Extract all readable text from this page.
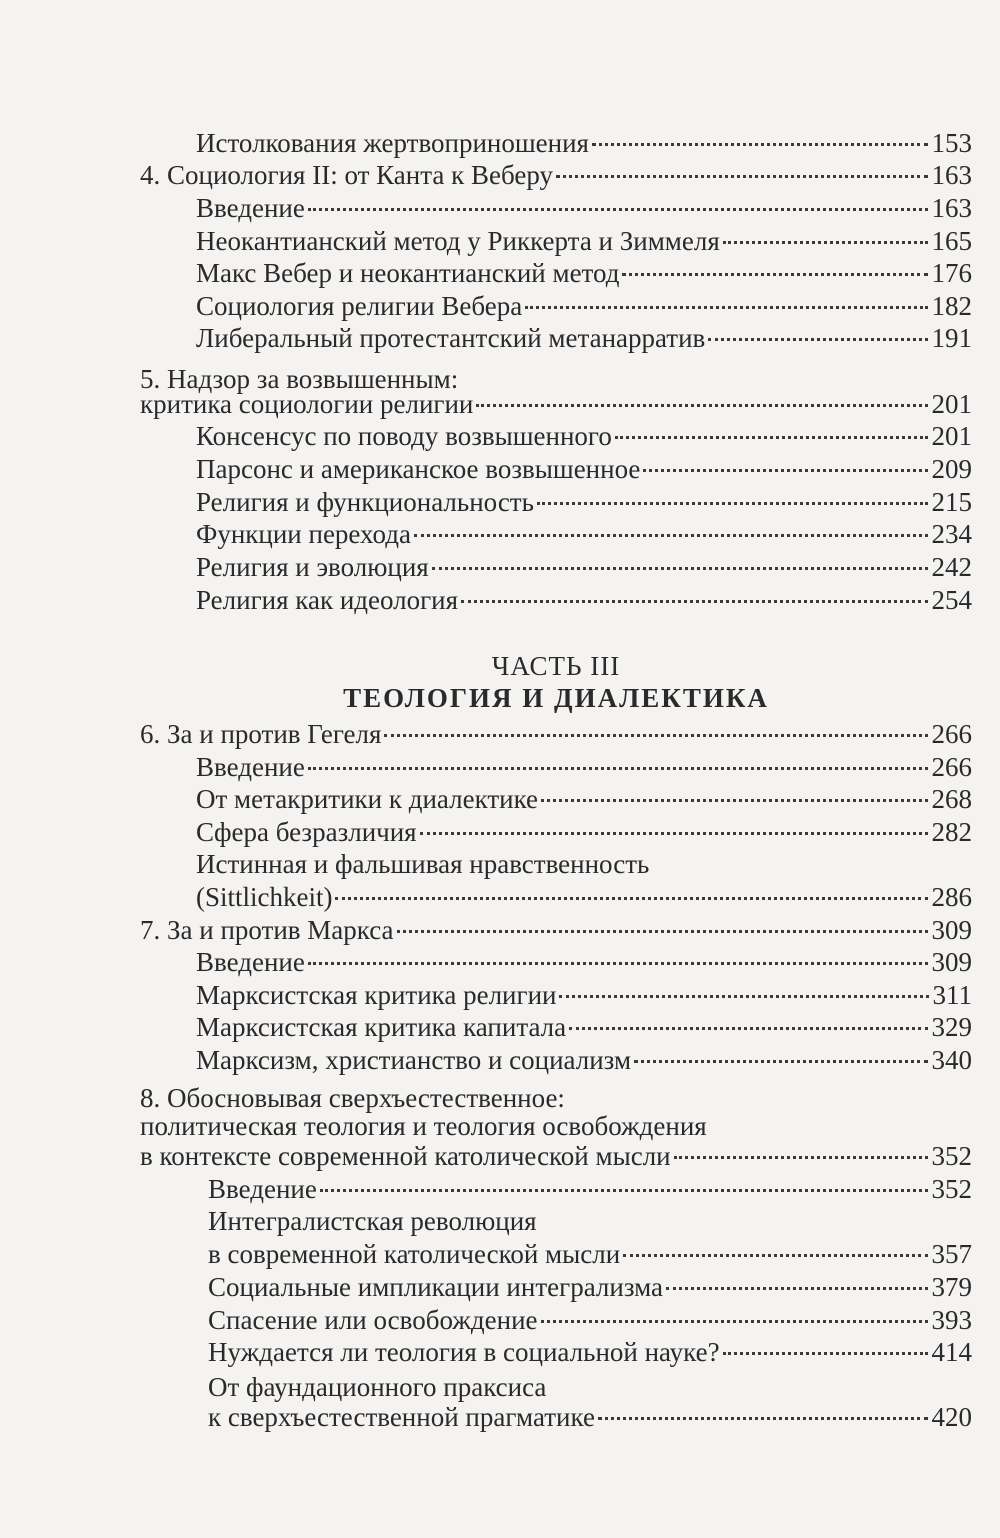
Истолкования жертвоприношения	153
4. Социология II: от Канта к Веберу	163
Введение	163
Неокантианский метод у Риккерта и Зиммеля	165
Макс Вебер и неокантианский метод	176
Социология религии Вебера	182
Либеральный протестантский метанарратив	191
5. Надзор за возвышенным:
критика социологии религии	201
Консенсус по поводу возвышенного	201
Парсонс и американское возвышенное	209
Религия и функциональность	215
Функции перехода	234
Религия и эволюция	242
Религия как идеология	254
ЧАСТЬ III
ТЕОЛОГИЯ И ДИАЛЕКТИКА
6. За и против Гегеля	266
Введение	266
От метакритики к диалектике	268
Сфера безразличия	282
Истинная и фальшивая нравственность
(Sittlichkeit)	286
7. За и против Маркса	309
Введение	309
Марксистская критика религии	311
Марксистская критика капитала	329
Марксизм, христианство и социализм	340
8. Обосновывая сверхъестественное:
политическая теология и теология освобождения
в контексте современной католической мысли	352
Введение	352
Интегралистская революция
в современной католической мысли	357
Социальные импликации интегрализма	379
Спасение или освобождение	393
Нуждается ли теология в социальной науке?	414
От фаундационного праксиса
к сверхъестественной прагматике	420
